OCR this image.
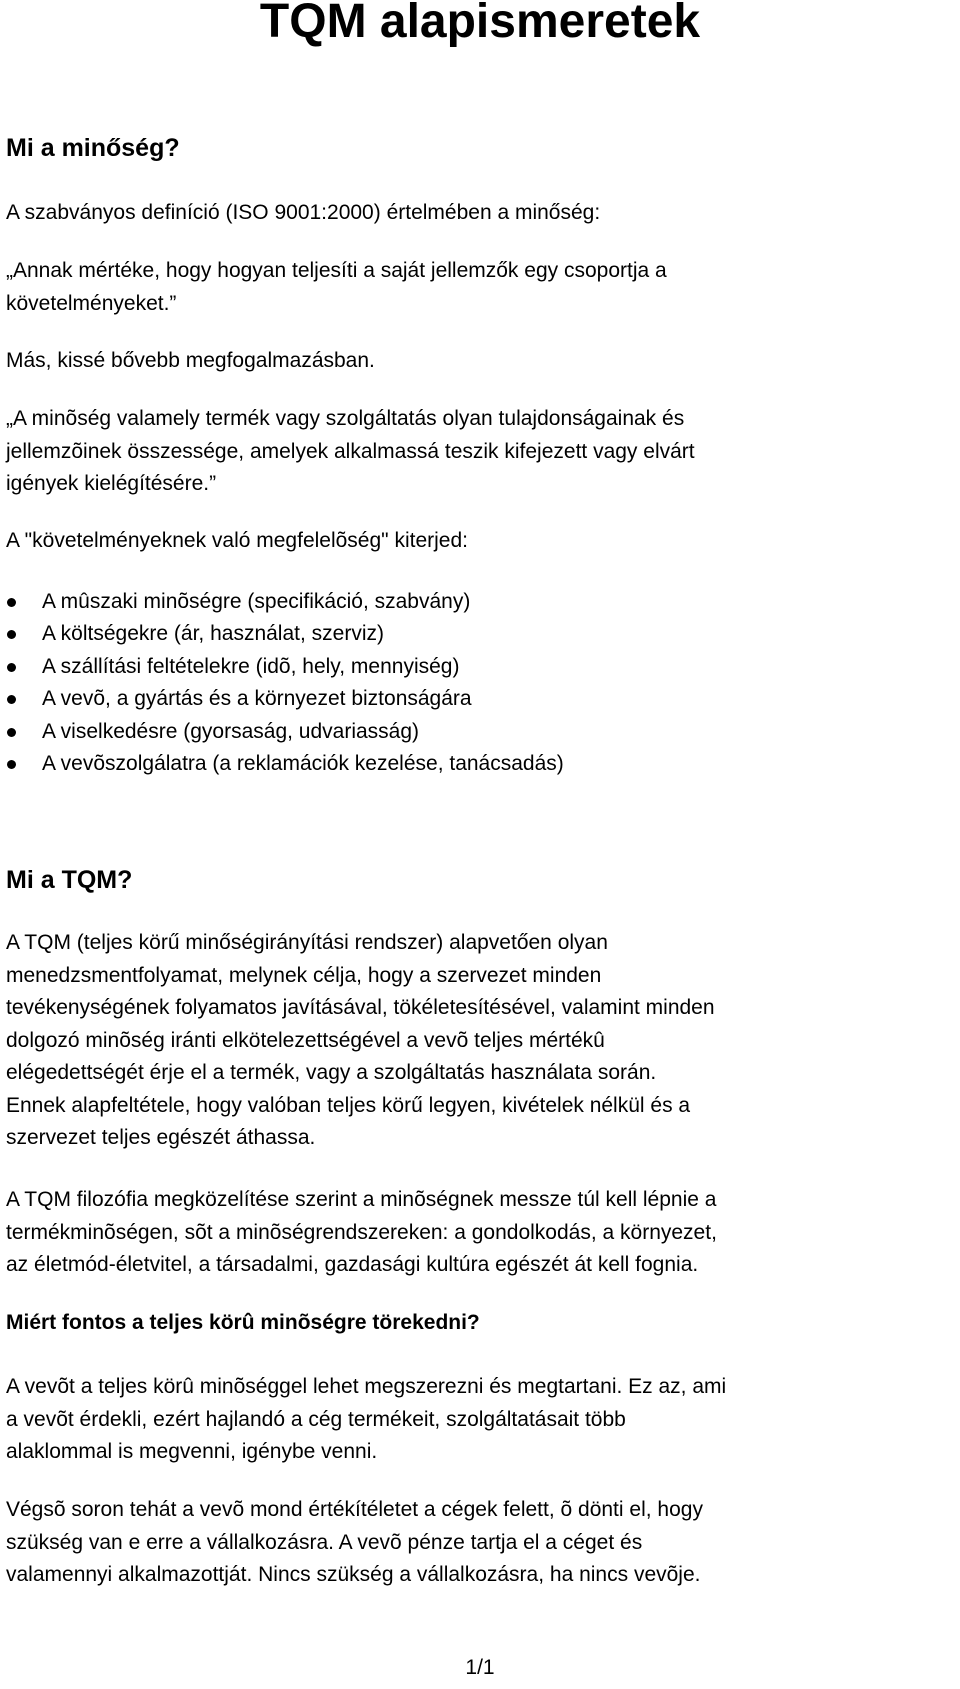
TQM alapismeretek
Mi a minőség?
A szabványos definíció (ISO 9001:2000) értelmében a minőség:
„Annak mértéke, hogy hogyan teljesíti a saját jellemzők egy csoportja a
követelményeket.”
Más, kissé bővebb megfogalmazásban.
„A minõség valamely termék vagy szolgáltatás olyan tulajdonságainak és
jellemzõinek összessége, amelyek alkalmassá teszik kifejezett vagy elvárt
igények kielégítésére.”
A "követelményeknek való megfelelõség" kiterjed:
A mûszaki minõségre (specifikáció, szabvány)
A költségekre (ár, használat, szerviz)
A szállítási feltételekre (idõ, hely, mennyiség)
A vevõ, a gyártás és a környezet biztonságára
A viselkedésre (gyorsaság, udvariasság)
A vevõszolgálatra (a reklamációk kezelése, tanácsadás)
Mi a TQM?
A TQM (teljes körű minőségirányítási rendszer) alapvetően olyan
menedzsmentfolyamat, melynek célja, hogy a szervezet minden
tevékenységének folyamatos javításával, tökéletesítésével, valamint minden
dolgozó minõség iránti elkötelezettségével a vevõ teljes mértékû
elégedettségét érje el a termék, vagy a szolgáltatás használata során.
Ennek alapfeltétele, hogy valóban teljes körű legyen, kivételek nélkül és a
szervezet teljes egészét áthassa.
A TQM filozófia megközelítése szerint a minõségnek messze túl kell lépnie a
termékminõségen, sõt a minõségrendszereken: a gondolkodás, a környezet,
az életmód-életvitel, a társadalmi, gazdasági kultúra egészét át kell fognia.
Miért fontos a teljes körû minõségre törekedni?
A vevõt a teljes körû minõséggel lehet megszerezni és megtartani. Ez az, ami
a vevõt érdekli, ezért hajlandó a cég termékeit, szolgáltatásait több
alaklommal is megvenni, igénybe venni.
Végsõ soron tehát a vevõ mond értékítéletet a cégek felett, õ dönti el, hogy
szükség van e erre a vállalkozásra. A vevõ pénze tartja el a céget és
valamennyi alkalmazottját. Nincs szükség a vállalkozásra, ha nincs vevõje.
1/1
